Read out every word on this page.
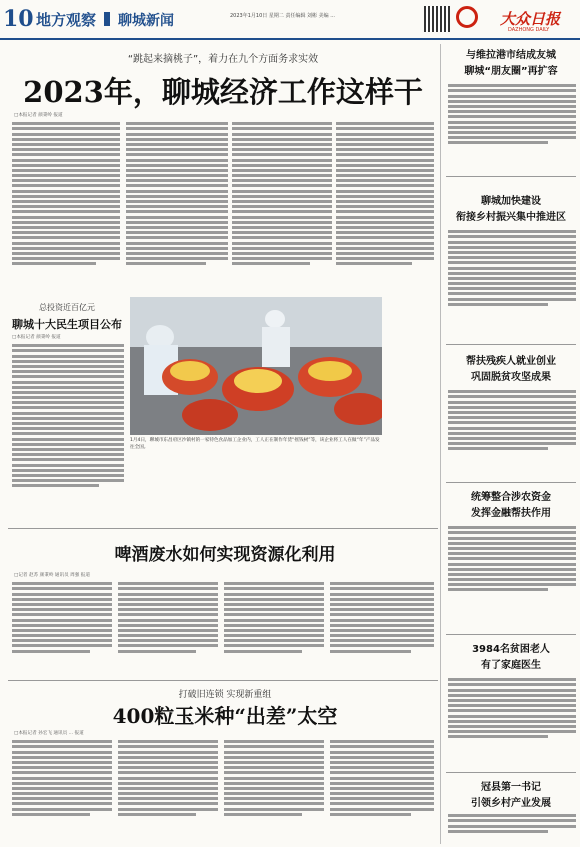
10 地方观察 聊城新闻	2023年1月10日 星期二 责任编辑 刘彬 美编 ...	大众日报
DAZHONG DAILY
“跳起来摘桃子”，着力在九个方面务求实效
2023年，聊城经济工作这样干
□本报记者 颜秉岭 报道
总投资近百亿元
聊城十大民生项目公布
□本报记者 颜秉岭 报道
1月4日，聊城市东昌府区沙镇村的一家特色食品加工企业内，工人正在制作年货“摇钱树”等，该企业将工人在做“年”产品发往全国。
啤酒废水如何实现资源化利用
□记者 赵苏 颜秉岭 通讯员 周强 报道
打破旧连锁 实现新重组
400粒玉米种“出差”太空
□本报记者 孙宏飞 通讯员 ... 报道
与维拉港市结成友城
聊城“朋友圈”再扩容
聊城加快建设
衔接乡村振兴集中推进区
帮扶残疾人就业创业
巩固脱贫攻坚成果
统筹整合涉农资金
发挥金融帮扶作用
3984名贫困老人
有了家庭医生
冠县第一书记
引领乡村产业发展
